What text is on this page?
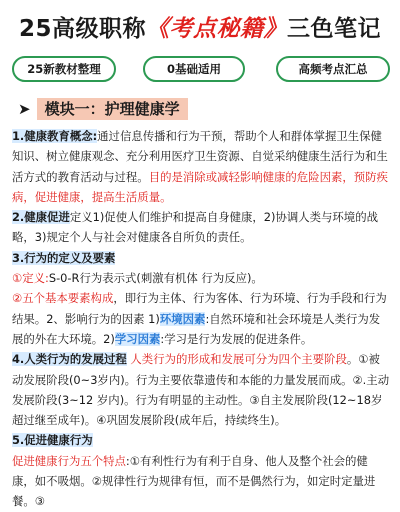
25高级职称《考点秘籍》三色笔记
25新教材整理	0基础适用	高频考点汇总
➤ 模块一：护理健康学

1.健康教育概念:通过信息传播和行为干预，帮助个人和群体掌握卫生保健知识、树立健康观念、充分利用医疗卫生资源、自觉采纳健康生活行为和生活方式的教育活动与过程。目的是消除或减轻影响健康的危险因素，预防疾病，促进健康，提高生活质量。

2.健康促进定义1)促使人们维护和提高自身健康，2)协调人类与环境的战略，3)规定个人与社会对健康各自所负的责任。

3.行为的定义及要素

①定义:S-0-R行为表示式(刺激有机体 行为反应)。

②五个基本要素构成，即行为主体、行为客体、行为环境、行为手段和行为结果。2、影响行为的因素 1)环境因素:自然环境和社会环境是人类行为发展的外在大环境。2)学习因素:学习是行为发展的促进条件。

4.人类行为的发展过程 人类行为的形成和发展可分为四个主要阶段。①被动发展阶段(0~3岁内)。行为主要依靠遗传和本能的力量发展而成。②.主动发展阶段(3~12 岁内)。行为有明显的主动性。③自主发展阶段(12~18岁超过继至成年)。④巩固发展阶段(成年后，持续终生)。

5.促进健康行为

促进健康行为五个特点:①有利性行为有利于自身、他人及整个社会的健康，如不吸烟。②规律性行为规律有恒，而不是偶然行为，如定时定量进餐。③
